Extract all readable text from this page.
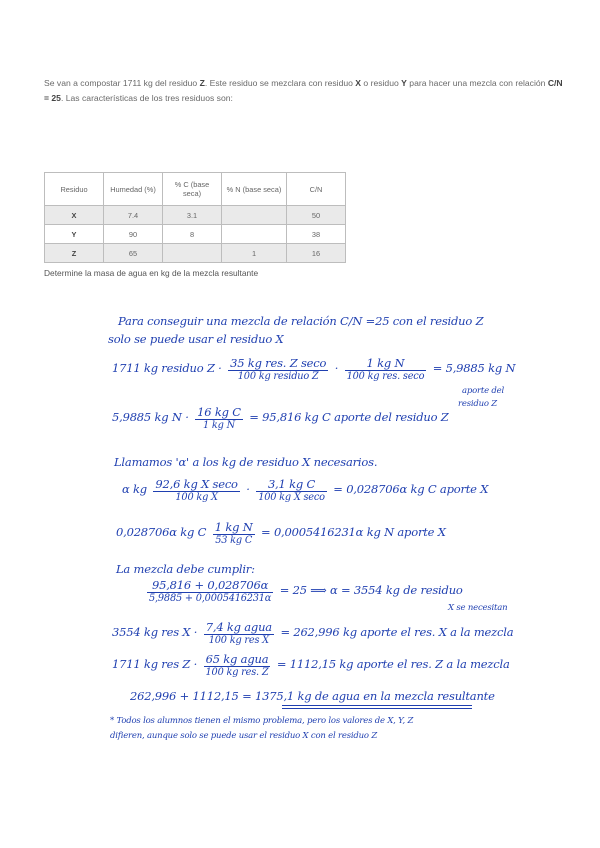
Se van a compostar 1711 kg del residuo Z. Este residuo se mezclara con residuo X o residuo Y para hacer una mezcla con relación C/N = 25. Las características de los tres residuos son:
Residuo	Humedad (%)	% C (base seca)	% N (base seca)	C/N
X	7.4	3.1		50
Y	90	8		38
Z	65		1	16
Determine la masa de agua en kg de la mezcla resultante
Para conseguir una mezcla de relación C/N =25 con el residuo Z
solo se puede usar el residuo X
1711 kg residuo $Z \cdot \frac{\text{35 kg res. Z seco}}{\text{100 kg residuo Z}} \cdot \frac{\text{1 kg N}}{\text{100 kg res. seco}} = 5,9885$ kg N
aporte del
residuo Z
5,9885 kg $N \cdot \frac{\text{16 kg C}}{\text{1 kg N}} = 95,816$ kg C aporte del residuo Z
Llamamos 'α' a los kg de residuo X necesarios.
α kg $\frac{\text{92,6 kg X seco}}{\text{100 kg X}} \cdot \frac{\text{3,1 kg C}}{\text{100 kg X seco}} = 0,028706\alpha$ kg C aporte X
0,028706α kg C $\frac{\text{1 kg N}}{\text{53 kg C}} = 0,0005416231\alpha$ kg N aporte X
La mezcla debe cumplir:
$\frac{95,816 + 0,028706\alpha}{5,9885 + 0,0005416231\alpha} = 25$ ⟹ α = 3554 kg de residuo
X se necesitan
3554 kg res $X \cdot \frac{\text{7,4 kg agua}}{\text{100 kg res X}} = 262,996$ kg aporte el res. X a la mezcla
1711 kg res $Z \cdot \frac{\text{65 kg agua}}{\text{100 kg res. Z}} = 1112,15$ kg aporte el res. Z a la mezcla
262,996 + 1112,15 = 1375,1 kg de agua en la mezcla resultante
* Todos los alumnos tienen el mismo problema, pero los valores de X, Y, Z
difieren, aunque solo se puede usar el residuo X con el residuo Z
